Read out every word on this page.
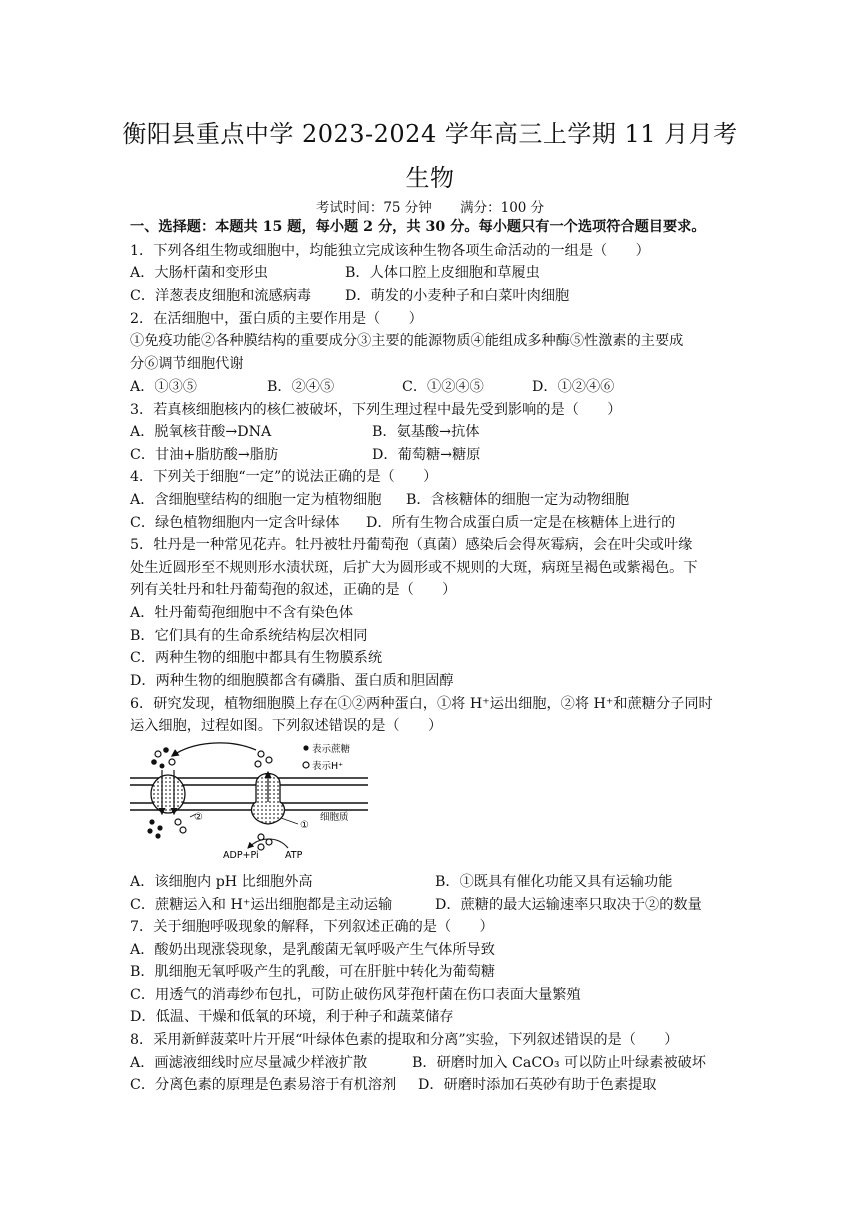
衡阳县重点中学 2023-2024 学年高三上学期 11 月月考
生物
考试时间：75 分钟 满分：100 分
一、选择题：本题共 15 题，每小题 2 分，共 30 分。每小题只有一个选项符合题目要求。
1．下列各组生物或细胞中，均能独立完成该种生物各项生命活动的一组是（　　）
A．大肠杆菌和变形虫	B．人体口腔上皮细胞和草履虫
C．洋葱表皮细胞和流感病毒 D．萌发的小麦种子和白菜叶肉细胞
2．在活细胞中，蛋白质的主要作用是（　　）
①免疫功能②各种膜结构的重要成分③主要的能源物质④能组成多种酶⑤性激素的主要成
分⑥调节细胞代谢
A．①③⑤	B．②④⑤	C．①②④⑤	D．①②④⑥
3．若真核细胞核内的核仁被破坏，下列生理过程中最先受到影响的是（　　）
A．脱氧核苷酸→DNA	B．氨基酸→抗体
C．甘油+脂肪酸→脂肪	D．葡萄糖→糖原
4．下列关于细胞“一定”的说法正确的是（　　）
A．含细胞壁结构的细胞一定为植物细胞 B．含核糖体的细胞一定为动物细胞
C．绿色植物细胞内一定含叶绿体 D．所有生物合成蛋白质一定是在核糖体上进行的
5．牡丹是一种常见花卉。牡丹被牡丹葡萄孢（真菌）感染后会得灰霉病，会在叶尖或叶缘
处生近圆形至不规则形水渍状斑，后扩大为圆形或不规则的大斑，病斑呈褐色或紫褐色。下
列有关牡丹和牡丹葡萄孢的叙述，正确的是（　　）
A．牡丹葡萄孢细胞中不含有染色体
B．它们具有的生命系统结构层次相同
C．两种生物的细胞中都具有生物膜系统
D．两种生物的细胞膜都含有磷脂、蛋白质和胆固醇
6．研究发现，植物细胞膜上存在①②两种蛋白，①将 H⁺运出细胞，②将 H⁺和蔗糖分子同时
运入细胞，过程如图。下列叙述错误的是（　　）
②
①
ADP+Pi	ATP
表示蔗糖
表示H⁺
细胞质
A．该细胞内 pH 比细胞外高	B．①既具有催化功能又具有运输功能
C．蔗糖运入和 H⁺运出细胞都是主动运输	D．蔗糖的最大运输速率只取决于②的数量
7．关于细胞呼吸现象的解释，下列叙述正确的是（　　）
A．酸奶出现涨袋现象，是乳酸菌无氧呼吸产生气体所导致
B．肌细胞无氧呼吸产生的乳酸，可在肝脏中转化为葡萄糖
C．用透气的消毒纱布包扎，可防止破伤风芽孢杆菌在伤口表面大量繁殖
D．低温、干燥和低氧的环境，利于种子和蔬菜储存
8．采用新鲜菠菜叶片开展“叶绿体色素的提取和分离”实验，下列叙述错误的是（　　）
A．画滤液细线时应尽量减少样液扩散	B．研磨时加入 CaCO₃ 可以防止叶绿素被破坏
C．分离色素的原理是色素易溶于有机溶剂 D．研磨时添加石英砂有助于色素提取
